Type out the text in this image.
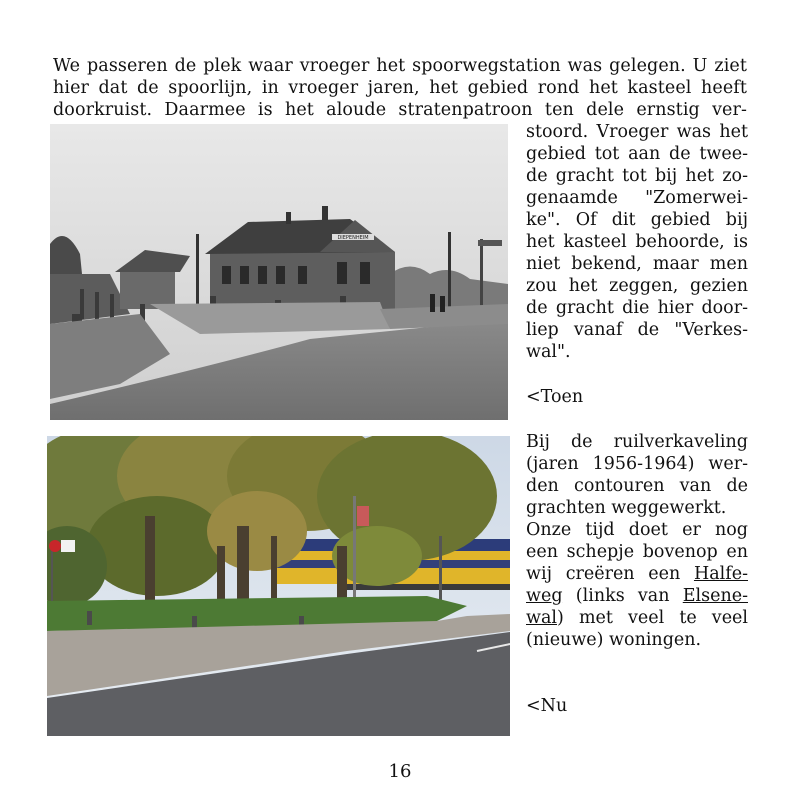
We passeren de plek waar vroeger het spoorwegstation was gelegen. U ziet
hier dat de spoorlijn, in vroeger jaren, het gebied rond het kasteel heeft
doorkruist. Daarmee is het aloude stratenpatroon ten dele ernstig ver-
DIEPENHEIM
stoord. Vroeger was het
gebied tot aan de twee-
de gracht tot bij het zo-
genaamde "Zomerwei-
ke". Of dit gebied bij
het kasteel behoorde, is
niet bekend, maar men
zou het zeggen, gezien
de gracht die hier door-
liep vanaf de "Verkes-
wal".
<Toen
Bij de ruilverkaveling
(jaren 1956-1964) wer-
den contouren van de
grachten weggewerkt.
Onze tijd doet er nog
een schepje bovenop en
wij creëren een Halfe-
weg (links van Elsene-
wal) met veel te veel
(nieuwe) woningen.
<Nu
16
